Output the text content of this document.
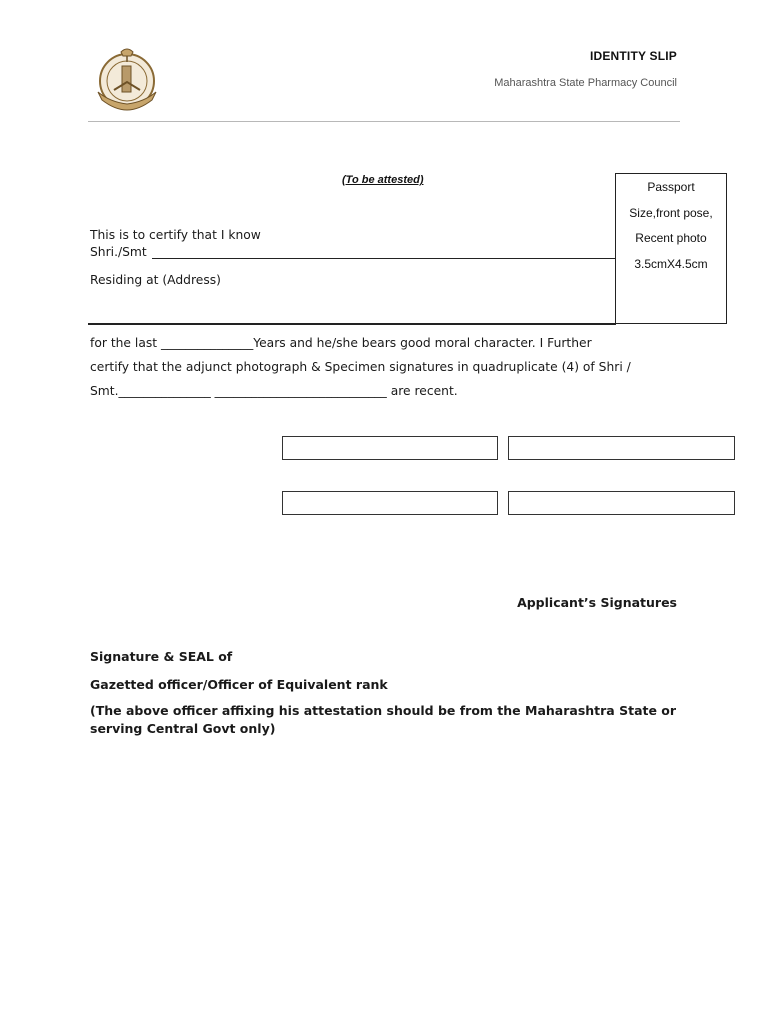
IDENTITY SLIP
Maharashtra State Pharmacy Council
(To be attested)	Passport
Size,front pose,
Recent photo
3.5cmX4.5cm
This is to certify that I know
Shri./Smt
Residing at (Address)
for the last _______________Years and he/she bears good moral character. I Further
certify that the adjunct photograph & Specimen signatures in quadruplicate (4) of Shri /
Smt._______________ ____________________________ are recent.
Applicant’s Signatures
Signature & SEAL of
Gazetted officer/Officer of Equivalent rank
(The above officer affixing his attestation should be from the Maharashtra State or
serving Central Govt only)
